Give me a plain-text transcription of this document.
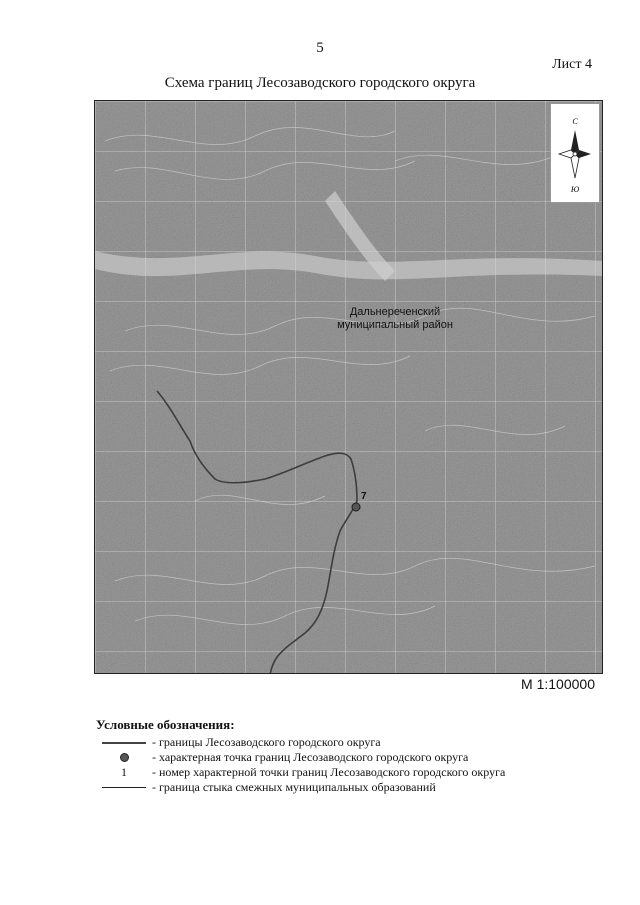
5
Лист 4
Схема границ Лесозаводского городского округа
Дальнереченский
муниципальный район
7
С
Ю
М 1:100000
Условные обозначения:
- границы Лесозаводского городского округа
- характерная точка границ Лесозаводского городского округа
1 - номер характерной точки границ Лесозаводского городского округа
- граница стыка смежных муниципальных образований
